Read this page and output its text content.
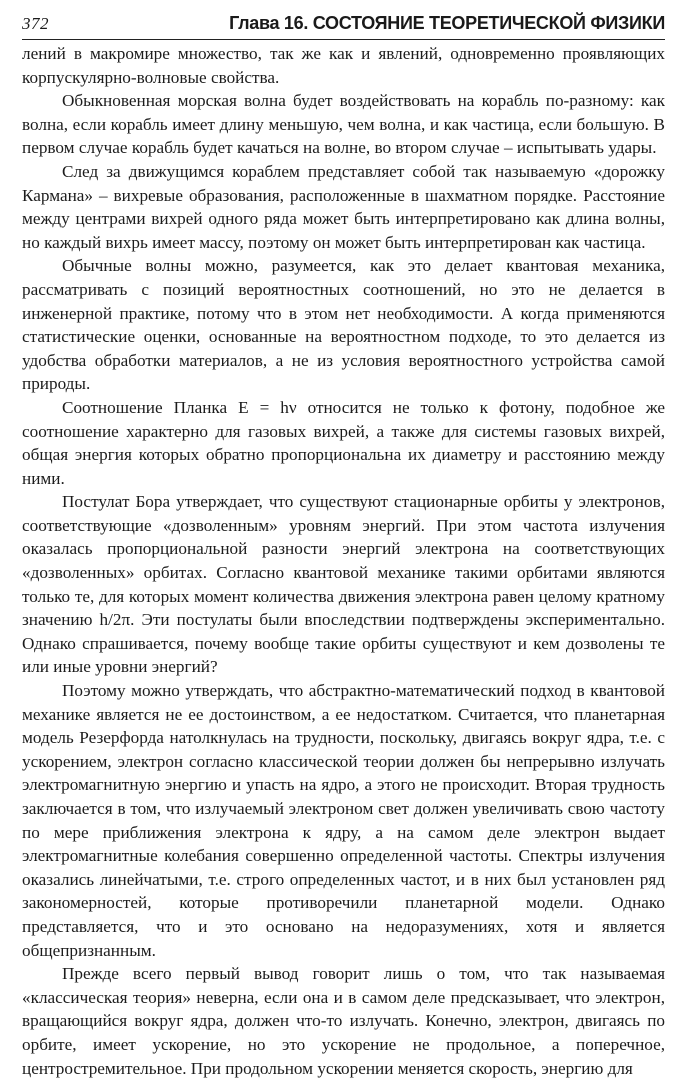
372	Глава 16. СОСТОЯНИЕ ТЕОРЕТИЧЕСКОЙ ФИЗИКИ

лений в макромире множество, так же как и явлений, одновременно проявляющих корпускулярно-волновые свойства.

Обыкновенная морская волна будет воздействовать на корабль по-разному: как волна, если корабль имеет длину меньшую, чем волна, и как частица, если большую. В первом случае корабль будет качаться на волне, во втором случае – испытывать удары.

След за движущимся кораблем представляет собой так называемую «дорожку Кармана» – вихревые образования, расположенные в шахматном порядке. Расстояние между центрами вихрей одного ряда может быть интерпретировано как длина волны, но каждый вихрь имеет массу, поэтому он может быть интерпретирован как частица.

Обычные волны можно, разумеется, как это делает квантовая механика, рассматривать с позиций вероятностных соотношений, но это не делается в инженерной практике, потому что в этом нет необходимости. А когда применяются статистические оценки, основанные на вероятностном подходе, то это делается из удобства обработки материалов, а не из условия вероятностного устройства самой природы.

Соотношение Планка E = hν относится не только к фотону, подобное же соотношение характерно для газовых вихрей, а также для системы газовых вихрей, общая энергия которых обратно пропорциональна их диаметру и расстоянию между ними.

Постулат Бора утверждает, что существуют стационарные орбиты у электронов, соответствующие «дозволенным» уровням энергий. При этом частота излучения оказалась пропорциональной разности энергий электрона на соответствующих «дозволенных» орбитах. Согласно квантовой механике такими орбитами являются только те, для которых момент количества движения электрона равен целому кратному значению h/2π. Эти постулаты были впоследствии подтверждены экспериментально. Однако спрашивается, почему вообще такие орбиты существуют и кем дозволены те или иные уровни энергий?

Поэтому можно утверждать, что абстрактно-математический подход в квантовой механике является не ее достоинством, а ее недостатком. Считается, что планетарная модель Резерфорда натолкнулась на трудности, поскольку, двигаясь вокруг ядра, т.е. с ускорением, электрон согласно классической теории должен бы непрерывно излучать электромагнитную энергию и упасть на ядро, а этого не происходит. Вторая трудность заключается в том, что излучаемый электроном свет должен увеличивать свою частоту по мере приближения электрона к ядру, а на самом деле электрон выдает электромагнитные колебания совершенно определенной частоты. Спектры излучения оказались линейчатыми, т.е. строго определенных частот, и в них был установлен ряд закономерностей, которые противоречили планетарной модели. Однако представляется, что и это основано на недоразумениях, хотя и является общепризнанным.

Прежде всего первый вывод говорит лишь о том, что так называемая «классическая теория» неверна, если она и в самом деле предсказывает, что электрон, вращающийся вокруг ядра, должен что-то излучать. Конечно, электрон, двигаясь по орбите, имеет ускорение, но это ускорение не продольное, а поперечное, центростремительное. При продольном ускорении меняется скорость, энергию для
